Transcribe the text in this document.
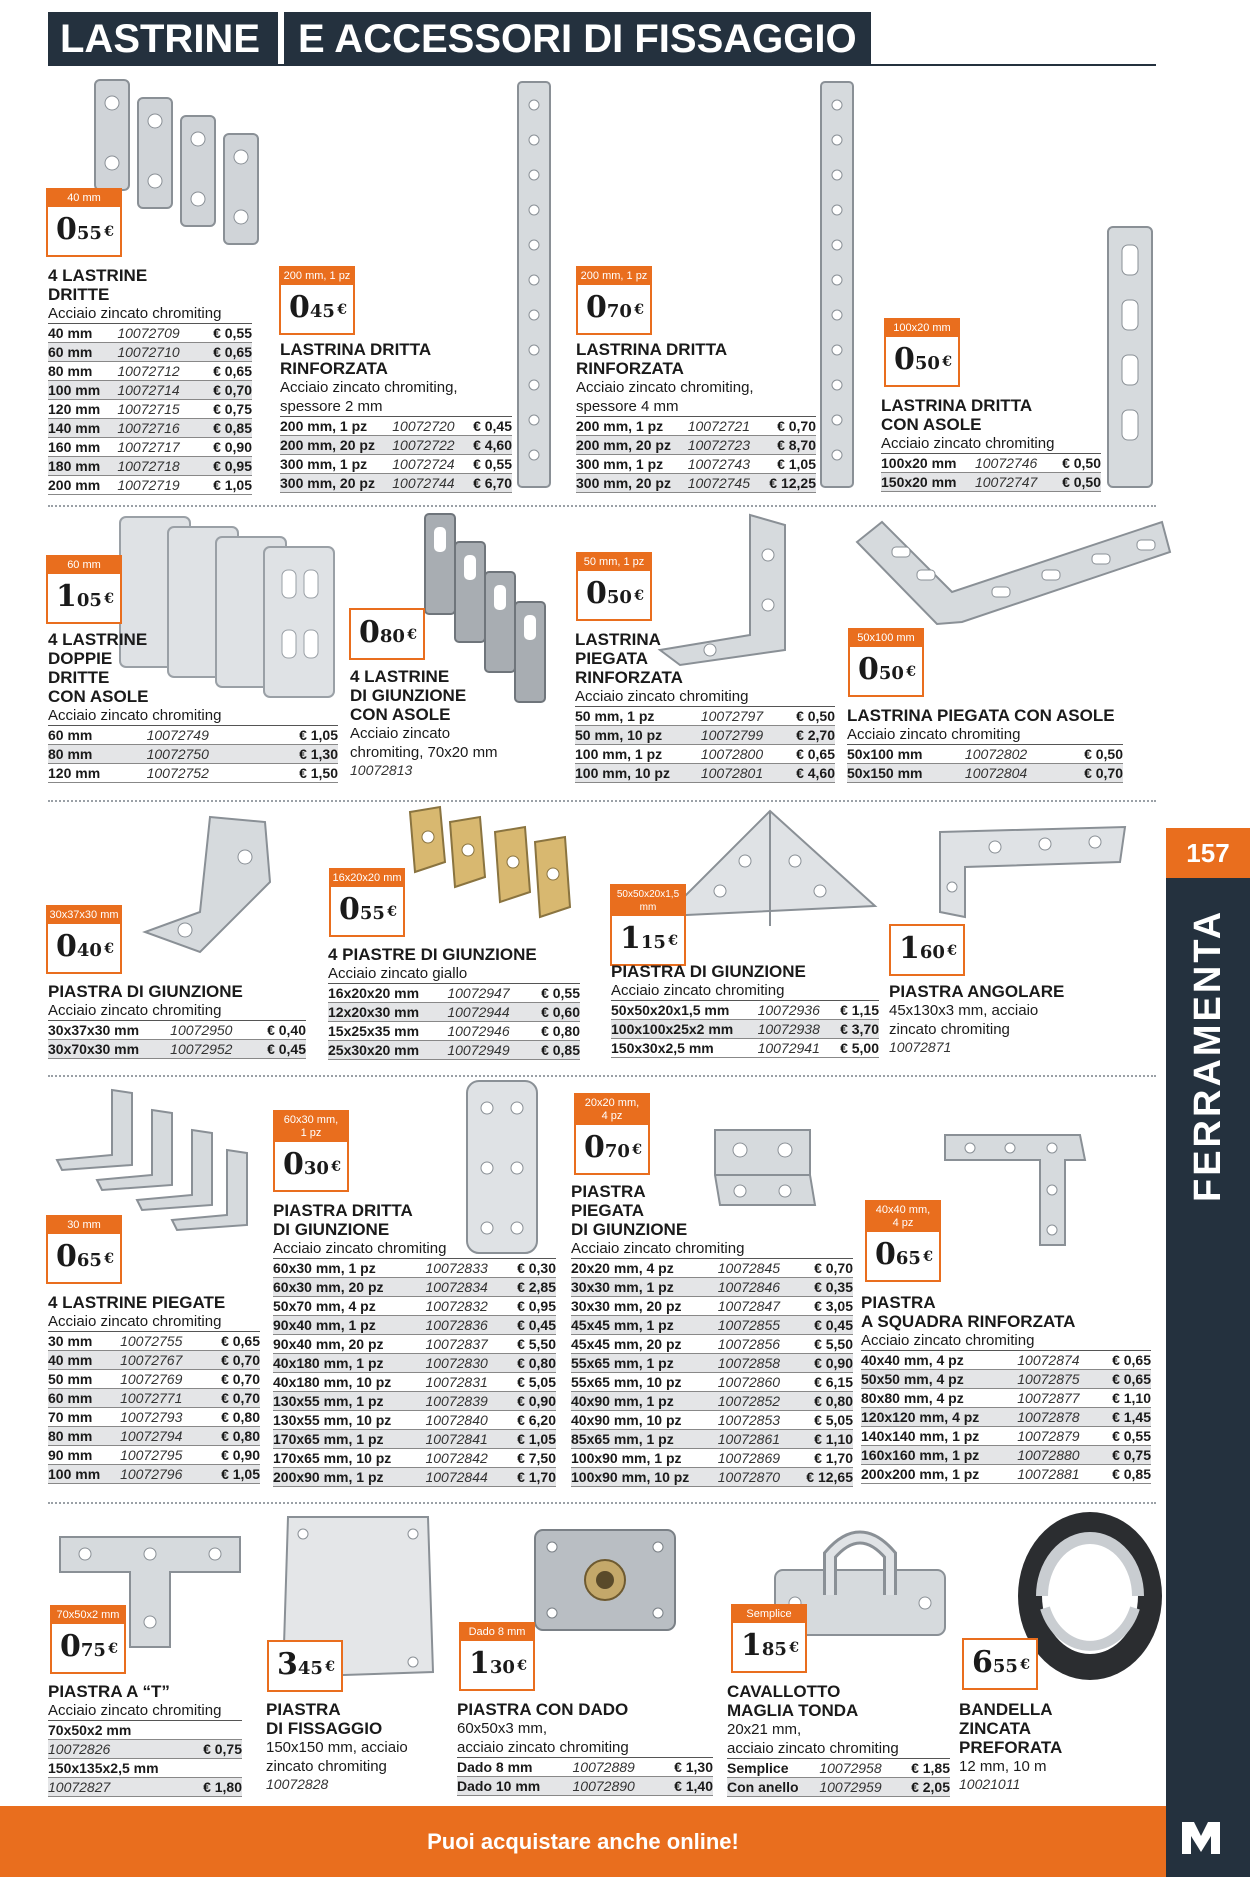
LASTRINE E ACCESSORI DI FISSAGGIO
157
Puoi acquistare anche online!
40 mm
055 €
4 LASTRINE
DRITTE
Acciaio zincato chromiting
40 mm	10072709	€ 0,55
60 mm	10072710	€ 0,65
80 mm	10072712	€ 0,65
100 mm	10072714	€ 0,70
120 mm	10072715	€ 0,75
140 mm	10072716	€ 0,85
160 mm	10072717	€ 0,90
180 mm	10072718	€ 0,95
200 mm	10072719	€ 1,05
200 mm, 1 pz
045 €
LASTRINA DRITTA
RINFORZATA
Acciaio zincato chromiting,
spessore 2 mm
200 mm, 1 pz	10072720	€ 0,45
200 mm, 20 pz	10072722	€ 4,60
300 mm, 1 pz	10072724	€ 0,55
300 mm, 20 pz	10072744	€ 6,70
200 mm, 1 pz
070 €
LASTRINA DRITTA
RINFORZATA
Acciaio zincato chromiting,
spessore 4 mm
200 mm, 1 pz	10072721	€ 0,70
200 mm, 20 pz	10072723	€ 8,70
300 mm, 1 pz	10072743	€ 1,05
300 mm, 20 pz	10072745	€ 12,25
100x20 mm
050 €
LASTRINA DRITTA
CON ASOLE
Acciaio zincato chromiting
100x20 mm	10072746	€ 0,50
150x20 mm	10072747	€ 0,50
60 mm
105 €
4 LASTRINE
DOPPIE
DRITTE
CON ASOLE
Acciaio zincato chromiting
60 mm	10072749	€ 1,05
80 mm	10072750	€ 1,30
120 mm	10072752	€ 1,50
080 €
4 LASTRINE
DI GIUNZIONE
CON ASOLE
Acciaio zincato
chromiting, 70x20 mm
10072813
50 mm, 1 pz
050 €
LASTRINA
PIEGATA
RINFORZATA
Acciaio zincato chromiting
50 mm, 1 pz	10072797	€ 0,50
50 mm, 10 pz	10072799	€ 2,70
100 mm, 1 pz	10072800	€ 0,65
100 mm, 10 pz	10072801	€ 4,60
50x100 mm
050 €
LASTRINA PIEGATA CON ASOLE
Acciaio zincato chromiting
50x100 mm	10072802	€ 0,50
50x150 mm	10072804	€ 0,70
30x37x30 mm
040 €
PIASTRA DI GIUNZIONE
Acciaio zincato chromiting
30x37x30 mm	10072950	€ 0,40
30x70x30 mm	10072952	€ 0,45
16x20x20 mm
055 €
4 PIASTRE DI GIUNZIONE
Acciaio zincato giallo
16x20x20 mm	10072947	€ 0,55
12x20x30 mm	10072944	€ 0,60
15x25x35 mm	10072946	€ 0,80
25x30x20 mm	10072949	€ 0,85
50x50x20x1,5 mm
115 €
PIASTRA DI GIUNZIONE
Acciaio zincato chromiting
50x50x20x1,5 mm	10072936	€ 1,15
100x100x25x2 mm	10072938	€ 3,70
150x30x2,5 mm	10072941	€ 5,00
160 €
PIASTRA ANGOLARE
45x130x3 mm, acciaio
zincato chromiting
10072871
30 mm
065 €
4 LASTRINE PIEGATE
Acciaio zincato chromiting
30 mm	10072755	€ 0,65
40 mm	10072767	€ 0,70
50 mm	10072769	€ 0,70
60 mm	10072771	€ 0,70
70 mm	10072793	€ 0,80
80 mm	10072794	€ 0,80
90 mm	10072795	€ 0,90
100 mm	10072796	€ 1,05
60x30 mm,
1 pz
030 €
PIASTRA DRITTA
DI GIUNZIONE
Acciaio zincato chromiting
60x30 mm, 1 pz	10072833	€ 0,30
60x30 mm, 20 pz	10072834	€ 2,85
50x70 mm, 4 pz	10072832	€ 0,95
90x40 mm, 1 pz	10072836	€ 0,45
90x40 mm, 20 pz	10072837	€ 5,50
40x180 mm, 1 pz	10072830	€ 0,80
40x180 mm, 10 pz	10072831	€ 5,05
130x55 mm, 1 pz	10072839	€ 0,90
130x55 mm, 10 pz	10072840	€ 6,20
170x65 mm, 1 pz	10072841	€ 1,05
170x65 mm, 10 pz	10072842	€ 7,50
200x90 mm, 1 pz	10072844	€ 1,70
20x20 mm,
4 pz
070 €
PIASTRA
PIEGATA
DI GIUNZIONE
Acciaio zincato chromiting
20x20 mm, 4 pz	10072845	€ 0,70
30x30 mm, 1 pz	10072846	€ 0,35
30x30 mm, 20 pz	10072847	€ 3,05
45x45 mm, 1 pz	10072855	€ 0,45
45x45 mm, 20 pz	10072856	€ 5,50
55x65 mm, 1 pz	10072858	€ 0,90
55x65 mm, 10 pz	10072860	€ 6,15
40x90 mm, 1 pz	10072852	€ 0,80
40x90 mm, 10 pz	10072853	€ 5,05
85x65 mm, 1 pz	10072861	€ 1,10
100x90 mm, 1 pz	10072869	€ 1,70
100x90 mm, 10 pz	10072870	€ 12,65
40x40 mm,
4 pz
065 €
PIASTRA
A SQUADRA RINFORZATA
Acciaio zincato chromiting
40x40 mm, 4 pz	10072874	€ 0,65
50x50 mm, 4 pz	10072875	€ 0,65
80x80 mm, 4 pz	10072877	€ 1,10
120x120 mm, 4 pz	10072878	€ 1,45
140x140 mm, 1 pz	10072879	€ 0,55
160x160 mm, 1 pz	10072880	€ 0,75
200x200 mm, 1 pz	10072881	€ 0,85
70x50x2 mm
075 €
PIASTRA A “T”
Acciaio zincato chromiting
70x50x2 mm	
10072826	€ 0,75
150x135x2,5 mm	
10072827	€ 1,80
345 €
PIASTRA
DI FISSAGGIO
150x150 mm, acciaio
zincato chromiting
10072828
Dado 8 mm
130 €
PIASTRA CON DADO
60x50x3 mm,
acciaio zincato chromiting
Dado 8 mm	10072889	€ 1,30
Dado 10 mm	10072890	€ 1,40
Semplice
185 €
CAVALLOTTO
MAGLIA TONDA
20x21 mm,
acciaio zincato chromiting
Semplice	10072958	€ 1,85
Con anello	10072959	€ 2,05
655 €
BANDELLA
ZINCATA
PREFORATA
12 mm, 10 m
10021011
